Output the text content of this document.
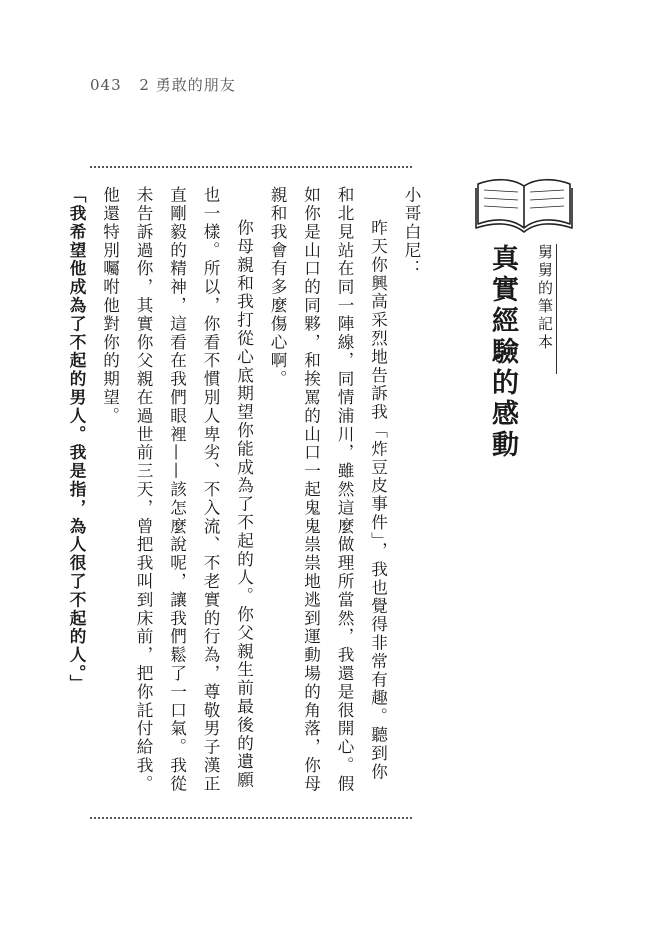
043 2 勇敢的朋友

小哥白尼：

昨天你興高采烈地告訴我「炸豆皮事件」，我也覺得非常有趣。聽到你和北見站在同一陣線，同情浦川，雖然這麼做理所當然，我還是很開心。假如你是山口的同夥，和挨罵的山口一起鬼鬼祟祟地逃到運動場的角落，你母親和我會有多麼傷心啊。

你母親和我打從心底期望你能成為了不起的人。你父親生前最後的遺願也一樣。所以，你看不慣別人卑劣、不入流、不老實的行為，尊敬男子漢正直剛毅的精神，這看在我們眼裡——該怎麼說呢，讓我們鬆了一口氣。我從未告訴過你，其實你父親在過世前三天，曾把我叫到床前，把你託付給我。他還特別囑咐他對你的期望。

「我希望他成為了不起的男人。我是指，為人很了不起的人。」	舅舅的筆記本
真實經驗的感動
